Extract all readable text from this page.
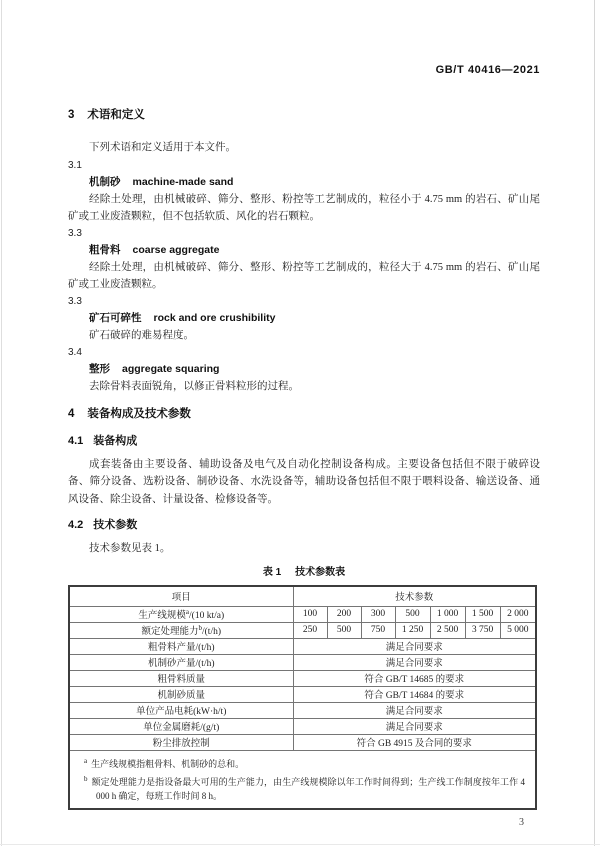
GB/T 40416—2021
3 术语和定义

下列术语和定义适用于本文件。

3.1
机制砂 machine-made sand

经除土处理，由机械破碎、筛分、整形、粉控等工艺制成的，粒径小于 4.75 mm 的岩石、矿山尾矿或工业废渣颗粒，但不包括软质、风化的岩石颗粒。

3.3
粗骨料 coarse aggregate

经除土处理，由机械破碎、筛分、整形、粉控等工艺制成的，粒径大于 4.75 mm 的岩石、矿山尾矿或工业废渣颗粒。

3.3
矿石可碎性 rock and ore crushibility

矿石破碎的难易程度。

3.4
整形 aggregate squaring

去除骨料表面锐角，以修正骨料粒形的过程。

4 装备构成及技术参数
4.1 装备构成

成套装备由主要设备、辅助设备及电气及自动化控制设备构成。主要设备包括但不限于破碎设备、筛分设备、选粉设备、制砂设备、水洗设备等，辅助设备包括但不限于喂料设备、输送设备、通风设备、除尘设备、计量设备、检修设备等。

4.2 技术参数

技术参数见表 1。

表 1 技术参数表
项目	技术参数						
生产线规模$^a$/(10 kt/a)	100	200	300	500	1 000	1 500	2 000
额定处理能力$^b$/(t/h)	250	500	750	1 250	2 500	3 750	5 000
粗骨料产量/(t/h)	满足合同要求						
机制砂产量/(t/h)	满足合同要求						
粗骨料质量	符合 GB/T 14685 的要求						
机制砂质量	符合 GB/T 14684 的要求						
单位产品电耗(kW·h/t)	满足合同要求						
单位金属磨耗/(g/t)	满足合同要求						
粉尘排放控制	符合 GB 4915 及合同的要求						

$^a$ 生产线规模指粗骨料、机制砂的总和。
$^b$ 额定处理能力是指设备最大可用的生产能力，由生产线规模除以年工作时间得到；生产线工作制度按年工作 4 000 h 确定，每班工作时间 8 h。							
3
